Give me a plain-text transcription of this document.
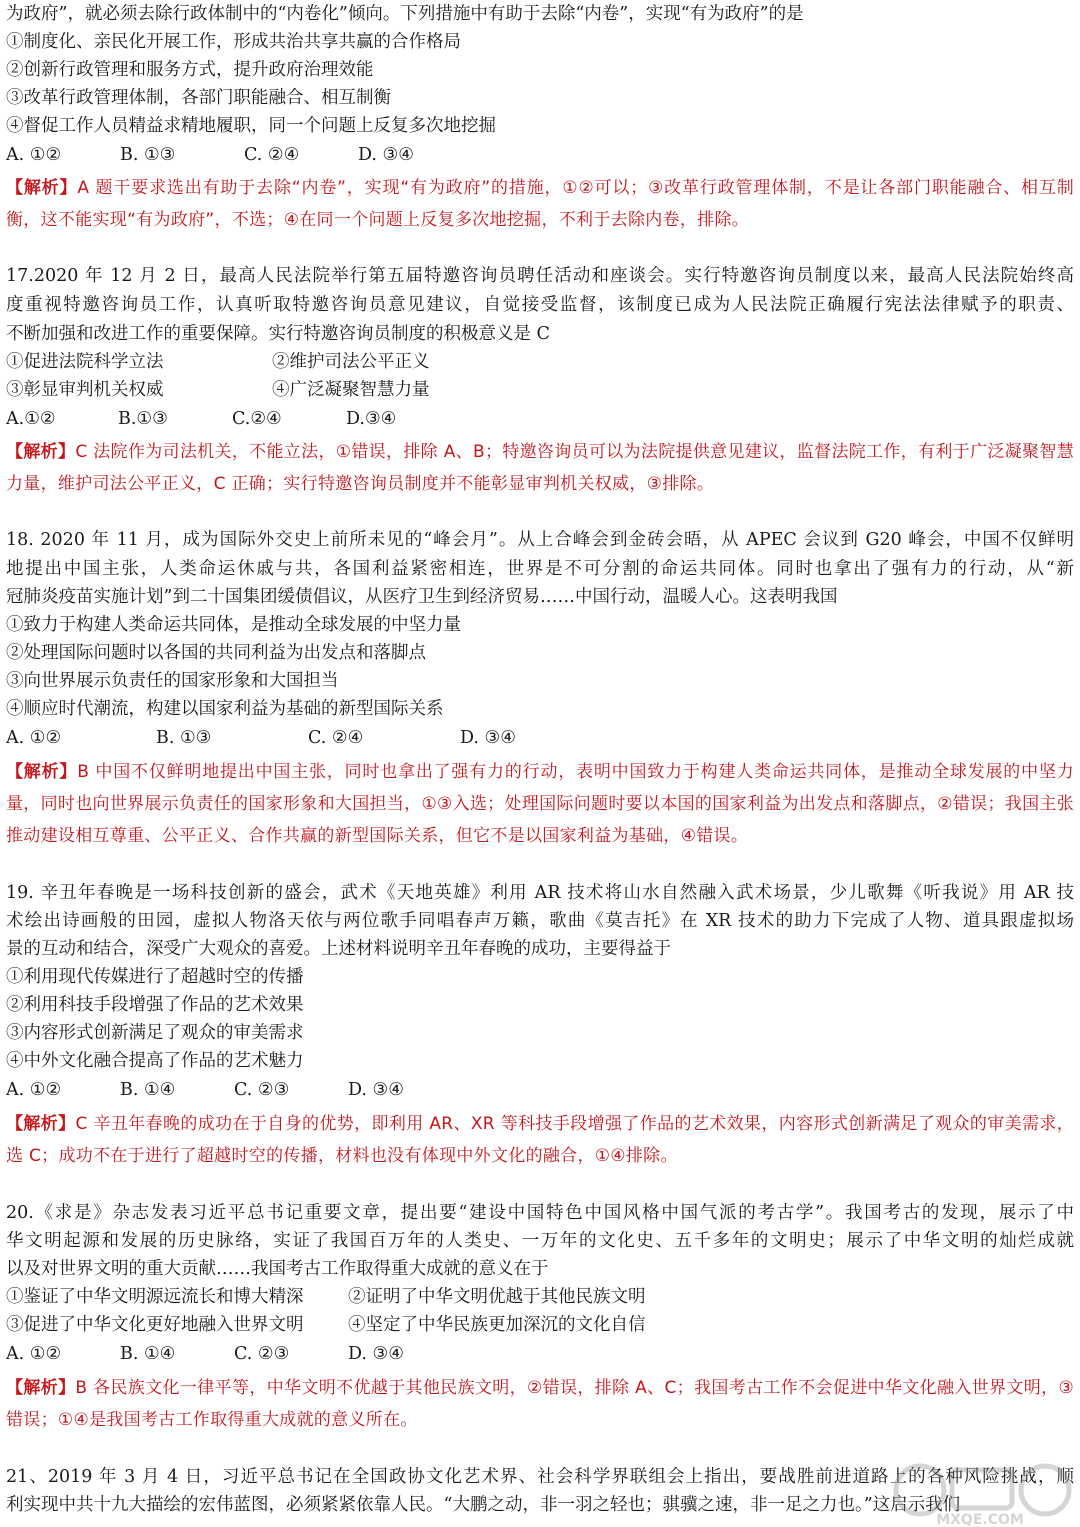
为政府”，就必须去除行政体制中的“内卷化”倾向。下列措施中有助于去除“内卷”，实现“有为政府”的是
①制度化、亲民化开展工作，形成共治共享共赢的合作格局
②创新行政管理和服务方式，提升政府治理效能
③改革行政管理体制，各部门职能融合、相互制衡
④督促工作人员精益求精地履职，同一个问题上反复多次地挖掘
A. ①②	B. ①③	C. ②④	D. ③④
【解析】A 题干要求选出有助于去除“内卷”，实现“有为政府”的措施，①②可以；③改革行政管理体制，不是让各部门职能融合、相互制衡，这不能实现“有为政府”，不选；④在同一个问题上反复多次地挖掘，不利于去除内卷，排除。
17.2020 年 12 月 2 日，最高人民法院举行第五届特邀咨询员聘任活动和座谈会。实行特邀咨询员制度以来，最高人民法院始终高
度重视特邀咨询员工作，认真听取特邀咨询员意见建议，自觉接受监督，该制度已成为人民法院正确履行宪法法律赋予的职责、
不断加强和改进工作的重要保障。实行特邀咨询员制度的积极意义是 C
①促进法院科学立法	②维护司法公平正义
③彰显审判机关权威	④广泛凝聚智慧力量
A.①②	B.①③	C.②④	D.③④
【解析】C 法院作为司法机关，不能立法，①错误，排除 A、B；特邀咨询员可以为法院提供意见建议，监督法院工作，有利于广泛凝聚智慧力量，维护司法公平正义，C 正确；实行特邀咨询员制度并不能彰显审判机关权威，③排除。
18. 2020 年 11 月，成为国际外交史上前所未见的“峰会月”。从上合峰会到金砖会晤，从 APEC 会议到 G20 峰会，中国不仅鲜明
地提出中国主张，人类命运休戚与共，各国利益紧密相连，世界是不可分割的命运共同体。同时也拿出了强有力的行动，从“新
冠肺炎疫苗实施计划”到二十国集团缓债倡议，从医疗卫生到经济贸易……中国行动，温暖人心。这表明我国
①致力于构建人类命运共同体，是推动全球发展的中坚力量
②处理国际问题时以各国的共同利益为出发点和落脚点
③向世界展示负责任的国家形象和大国担当
④顺应时代潮流，构建以国家利益为基础的新型国际关系
A. ①②	B. ①③	C. ②④	D. ③④
【解析】B 中国不仅鲜明地提出中国主张，同时也拿出了强有力的行动，表明中国致力于构建人类命运共同体，是推动全球发展的中坚力量，同时也向世界展示负责任的国家形象和大国担当，①③入选；处理国际问题时要以本国的国家利益为出发点和落脚点，②错误；我国主张推动建设相互尊重、公平正义、合作共赢的新型国际关系，但它不是以国家利益为基础，④错误。
19. 辛丑年春晚是一场科技创新的盛会，武术《天地英雄》利用 AR 技术将山水自然融入武术场景，少儿歌舞《听我说》用 AR 技
术绘出诗画般的田园，虚拟人物洛天依与两位歌手同唱春声万籁，歌曲《莫吉托》在 XR 技术的助力下完成了人物、道具跟虚拟场
景的互动和结合，深受广大观众的喜爱。上述材料说明辛丑年春晚的成功，主要得益于
①利用现代传媒进行了超越时空的传播
②利用科技手段增强了作品的艺术效果
③内容形式创新满足了观众的审美需求
④中外文化融合提高了作品的艺术魅力
A. ①②	B. ①④	C. ②③	D. ③④
【解析】C 辛丑年春晚的成功在于自身的优势，即利用 AR、XR 等科技手段增强了作品的艺术效果，内容形式创新满足了观众的审美需求，选 C；成功不在于进行了超越时空的传播，材料也没有体现中外文化的融合，①④排除。
20.《求是》杂志发表习近平总书记重要文章，提出要“建设中国特色中国风格中国气派的考古学”。我国考古的发现，展示了中
华文明起源和发展的历史脉络，实证了我国百万年的人类史、一万年的文化史、五千多年的文明史；展示了中华文明的灿烂成就
以及对世界文明的重大贡献……我国考古工作取得重大成就的意义在于
①鉴证了中华文明源远流长和博大精深	②证明了中华文明优越于其他民族文明
③促进了中华文化更好地融入世界文明	④坚定了中华民族更加深沉的文化自信
A. ①②	B. ①④	C. ②③	D. ③④
【解析】B 各民族文化一律平等，中华文明不优越于其他民族文明，②错误，排除 A、C；我国考古工作不会促进中华文化融入世界文明，③错误；①④是我国考古工作取得重大成就的意义所在。
21、2019 年 3 月 4 日，习近平总书记在全国政协文化艺术界、社会科学界联组会上指出，要战胜前进道路上的各种风险挑战，顺
利实现中共十九大描绘的宏伟蓝图，必须紧紧依靠人民。“大鹏之动，非一羽之轻也；骐骥之速，非一足之力也。”这启示我们
MXQE.COM
